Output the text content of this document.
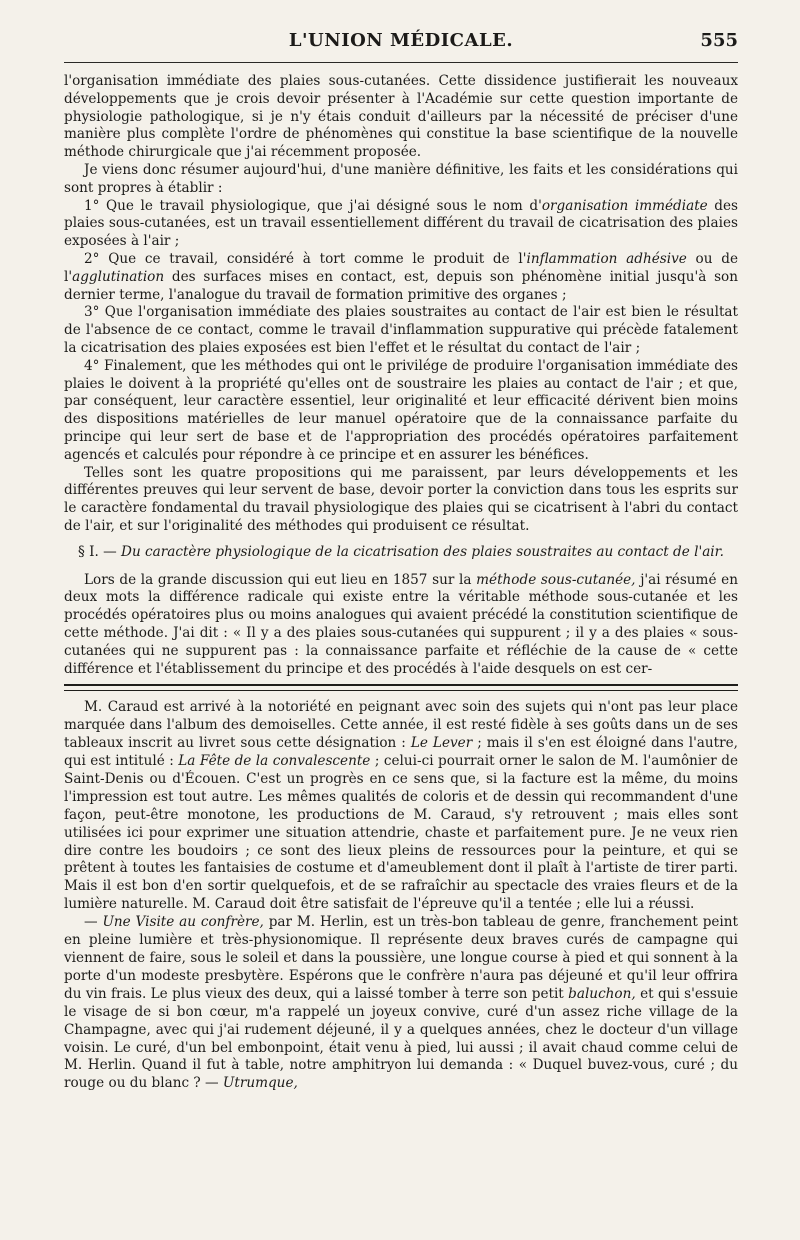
L'UNION MÉDICALE.	555

l'organisation immédiate des plaies sous-cutanées. Cette dissidence justifierait les nouveaux développements que je crois devoir présenter à l'Académie sur cette question importante de physiologie pathologique, si je n'y étais conduit d'ailleurs par la nécessité de préciser d'une manière plus complète l'ordre de phénomènes qui constitue la base scientifique de la nouvelle méthode chirurgicale que j'ai récemment proposée.

Je viens donc résumer aujourd'hui, d'une manière définitive, les faits et les considérations qui sont propres à établir :

1° Que le travail physiologique, que j'ai désigné sous le nom d'organisation immédiate des plaies sous-cutanées, est un travail essentiellement différent du travail de cicatrisation des plaies exposées à l'air ;

2° Que ce travail, considéré à tort comme le produit de l'inflammation adhésive ou de l'agglutination des surfaces mises en contact, est, depuis son phénomène initial jusqu'à son dernier terme, l'analogue du travail de formation primitive des organes ;

3° Que l'organisation immédiate des plaies soustraites au contact de l'air est bien le résultat de l'absence de ce contact, comme le travail d'inflammation suppurative qui précède fatalement la cicatrisation des plaies exposées est bien l'effet et le résultat du contact de l'air ;

4° Finalement, que les méthodes qui ont le privilége de produire l'organisation immédiate des plaies le doivent à la propriété qu'elles ont de soustraire les plaies au contact de l'air ; et que, par conséquent, leur caractère essentiel, leur originalité et leur efficacité dérivent bien moins des dispositions matérielles de leur manuel opératoire que de la connaissance parfaite du principe qui leur sert de base et de l'appropriation des procédés opératoires parfaitement agencés et calculés pour répondre à ce principe et en assurer les bénéfices.

Telles sont les quatre propositions qui me paraissent, par leurs développements et les différentes preuves qui leur servent de base, devoir porter la conviction dans tous les esprits sur le caractère fondamental du travail physiologique des plaies qui se cicatrisent à l'abri du contact de l'air, et sur l'originalité des méthodes qui produisent ce résultat.

§ I. — Du caractère physiologique de la cicatrisation des plaies soustraites au contact de l'air.

Lors de la grande discussion qui eut lieu en 1857 sur la méthode sous-cutanée, j'ai résumé en deux mots la différence radicale qui existe entre la véritable méthode sous-cutanée et les procédés opératoires plus ou moins analogues qui avaient précédé la constitution scientifique de cette méthode. J'ai dit : « Il y a des plaies sous-cutanées qui suppurent ; il y a des plaies « sous-cutanées qui ne suppurent pas : la connaissance parfaite et réfléchie de la cause de « cette différence et l'établissement du principe et des procédés à l'aide desquels on est cer-

M. Caraud est arrivé à la notoriété en peignant avec soin des sujets qui n'ont pas leur place marquée dans l'album des demoiselles. Cette année, il est resté fidèle à ses goûts dans un de ses tableaux inscrit au livret sous cette désignation : Le Lever ; mais il s'en est éloigné dans l'autre, qui est intitulé : La Fête de la convalescente ; celui-ci pourrait orner le salon de M. l'aumônier de Saint-Denis ou d'Écouen. C'est un progrès en ce sens que, si la facture est la même, du moins l'impression est tout autre. Les mêmes qualités de coloris et de dessin qui recommandent d'une façon, peut-être monotone, les productions de M. Caraud, s'y retrouvent ; mais elles sont utilisées ici pour exprimer une situation attendrie, chaste et parfaitement pure. Je ne veux rien dire contre les boudoirs ; ce sont des lieux pleins de ressources pour la peinture, et qui se prêtent à toutes les fantaisies de costume et d'ameublement dont il plaît à l'artiste de tirer parti. Mais il est bon d'en sortir quelquefois, et de se rafraîchir au spectacle des vraies fleurs et de la lumière naturelle. M. Caraud doit être satisfait de l'épreuve qu'il a tentée ; elle lui a réussi.

— Une Visite au confrère, par M. Herlin, est un très-bon tableau de genre, franchement peint en pleine lumière et très-physionomique. Il représente deux braves curés de campagne qui viennent de faire, sous le soleil et dans la poussière, une longue course à pied et qui sonnent à la porte d'un modeste presbytère. Espérons que le confrère n'aura pas déjeuné et qu'il leur offrira du vin frais. Le plus vieux des deux, qui a laissé tomber à terre son petit baluchon, et qui s'essuie le visage de si bon cœur, m'a rappelé un joyeux convive, curé d'un assez riche village de la Champagne, avec qui j'ai rudement déjeuné, il y a quelques années, chez le docteur d'un village voisin. Le curé, d'un bel embonpoint, était venu à pied, lui aussi ; il avait chaud comme celui de M. Herlin. Quand il fut à table, notre amphitryon lui demanda : « Duquel buvez-vous, curé ; du rouge ou du blanc ? — Utrumque,
